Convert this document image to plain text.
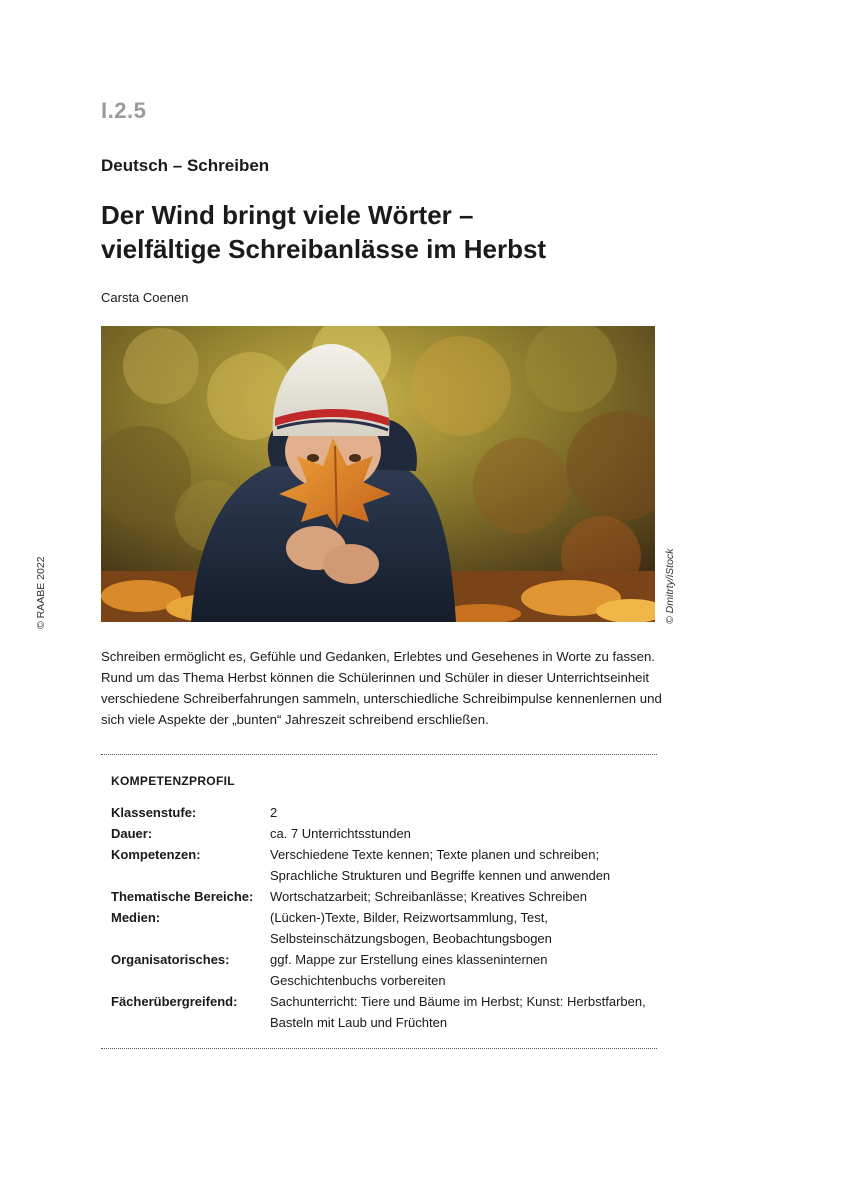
I.2.5
Deutsch – Schreiben
Der Wind bringt viele Wörter –
vielfältige Schreibanlässe im Herbst
Carsta Coenen
© RAABE 2022	© Dmitrty/iStock
Schreiben ermöglicht es, Gefühle und Gedanken, Erlebtes und Gesehenes in Worte zu fassen. Rund um das Thema Herbst können die Schülerinnen und Schüler in dieser Unterrichtseinheit verschiedene Schreiberfahrungen sammeln, unterschiedliche Schreibimpulse kennenlernen und sich viele Aspekte der „bunten“ Jahreszeit schreibend erschließen.
KOMPETENZPROFIL
Klassenstufe:	2
Dauer:	ca. 7 Unterrichtsstunden
Kompetenzen:	Verschiedene Texte kennen; Texte planen und schreiben; Sprachliche Strukturen und Begriffe kennen und anwenden
Thematische Bereiche:	Wortschatzarbeit; Schreibanlässe; Kreatives Schreiben
Medien:	(Lücken-)Texte, Bilder, Reizwortsammlung, Test, Selbsteinschätzungsbogen, Beobachtungsbogen
Organisatorisches:	ggf. Mappe zur Erstellung eines klasseninternen Geschichtenbuchs vorbereiten
Fächerübergreifend:	Sachunterricht: Tiere und Bäume im Herbst; Kunst: Herbstfarben, Basteln mit Laub und Früchten
